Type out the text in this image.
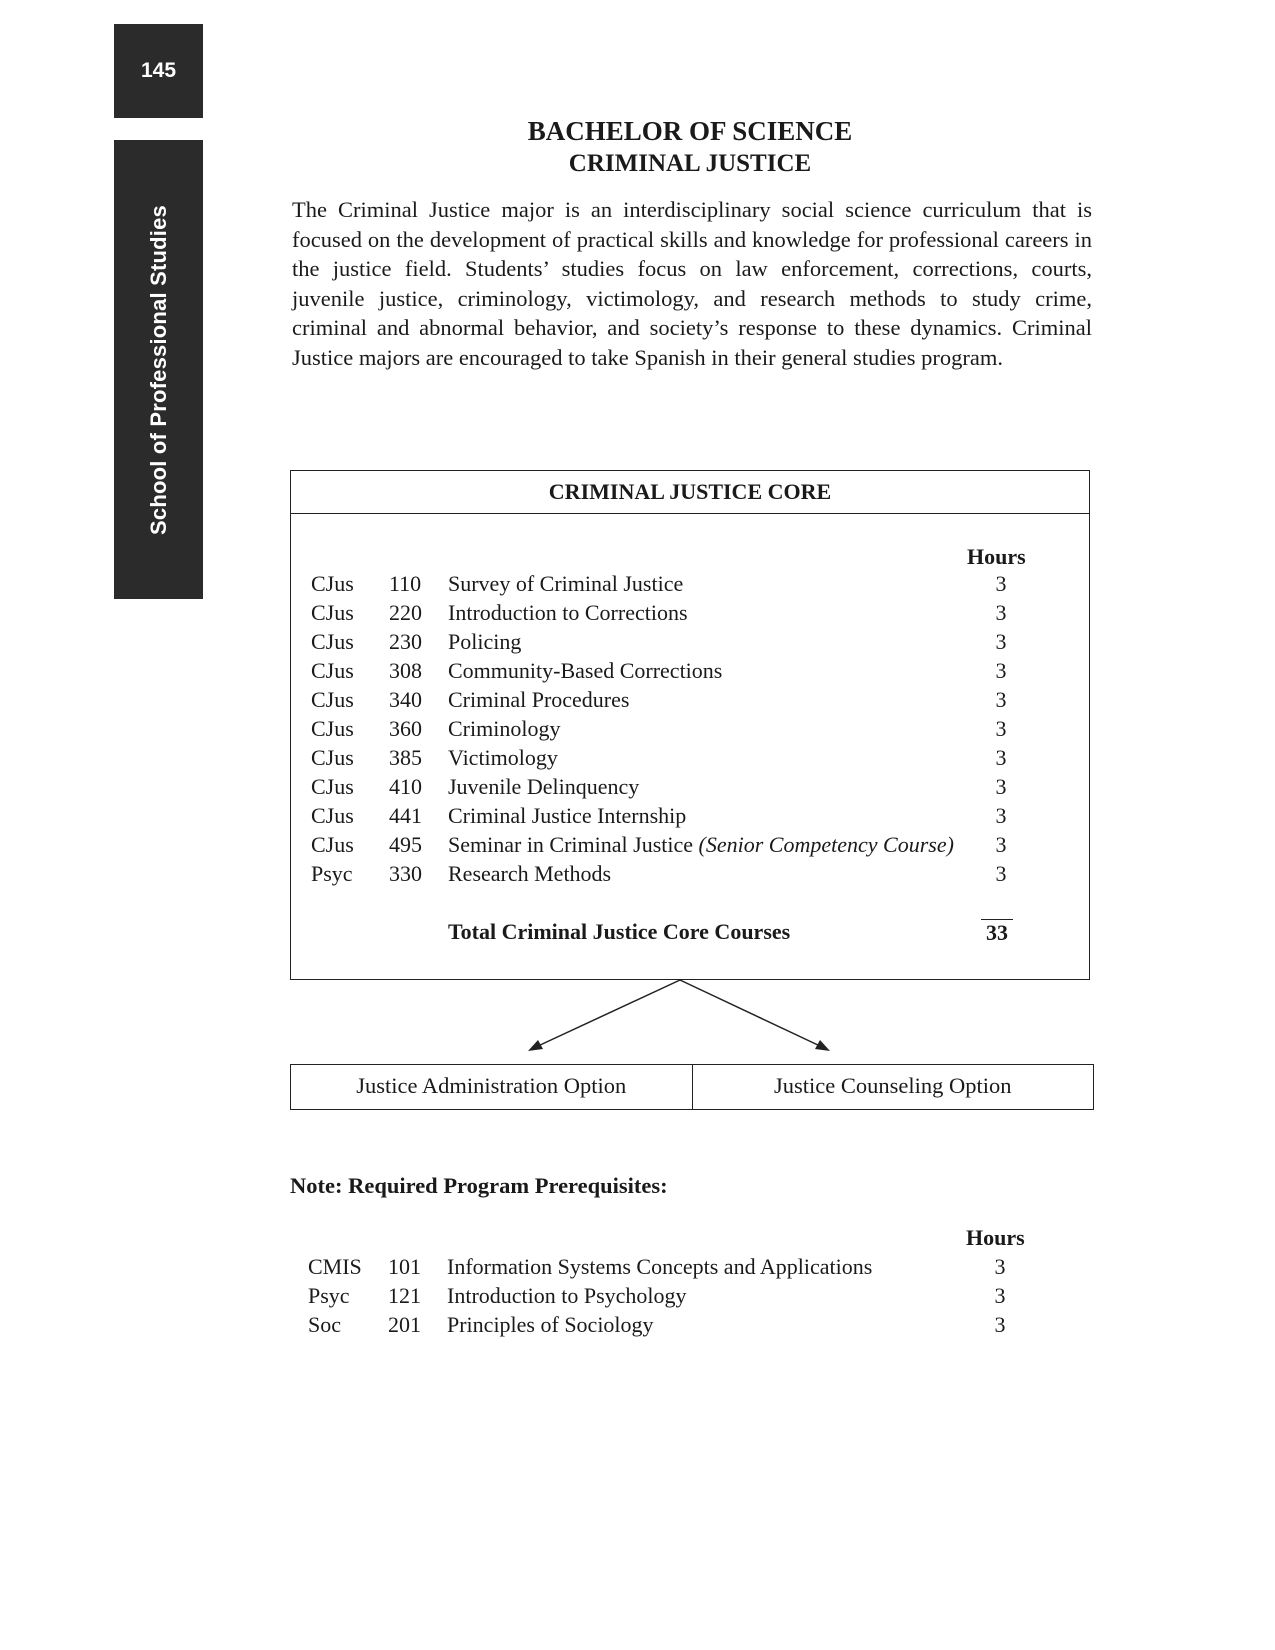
145
School of Professional Studies
BACHELOR OF SCIENCE
CRIMINAL JUSTICE

The Criminal Justice major is an interdisciplinary social science curriculum that is focused on the development of practical skills and knowledge for professional careers in the justice field. Students’ studies focus on law enforcement, corrections, courts, juvenile justice, criminology, victimology, and research methods to study crime, criminal and abnormal behavior, and society’s response to these dynamics. Criminal Justice majors are encouraged to take Spanish in their general studies program.

CRIMINAL JUSTICE CORE
Hours
CJus 110 Survey of Criminal Justice	3
CJus 220 Introduction to Corrections	3
CJus 230 Policing	3
CJus 308 Community-Based Corrections	3
CJus 340 Criminal Procedures	3
CJus 360 Criminology	3
CJus 385 Victimology	3
CJus 410 Juvenile Delinquency	3
CJus 441 Criminal Justice Internship	3
CJus 495 Seminar in Criminal Justice (Senior Competency Course) 3
Psyc 330 Research Methods	3
Total Criminal Justice Core Courses	33
Justice Administration Option	Justice Counseling Option
Note: Required Program Prerequisites:
Hours
CMIS 101 Information Systems Concepts and Applications	3
Psyc 121 Introduction to Psychology	3
Soc 201 Principles of Sociology	3
